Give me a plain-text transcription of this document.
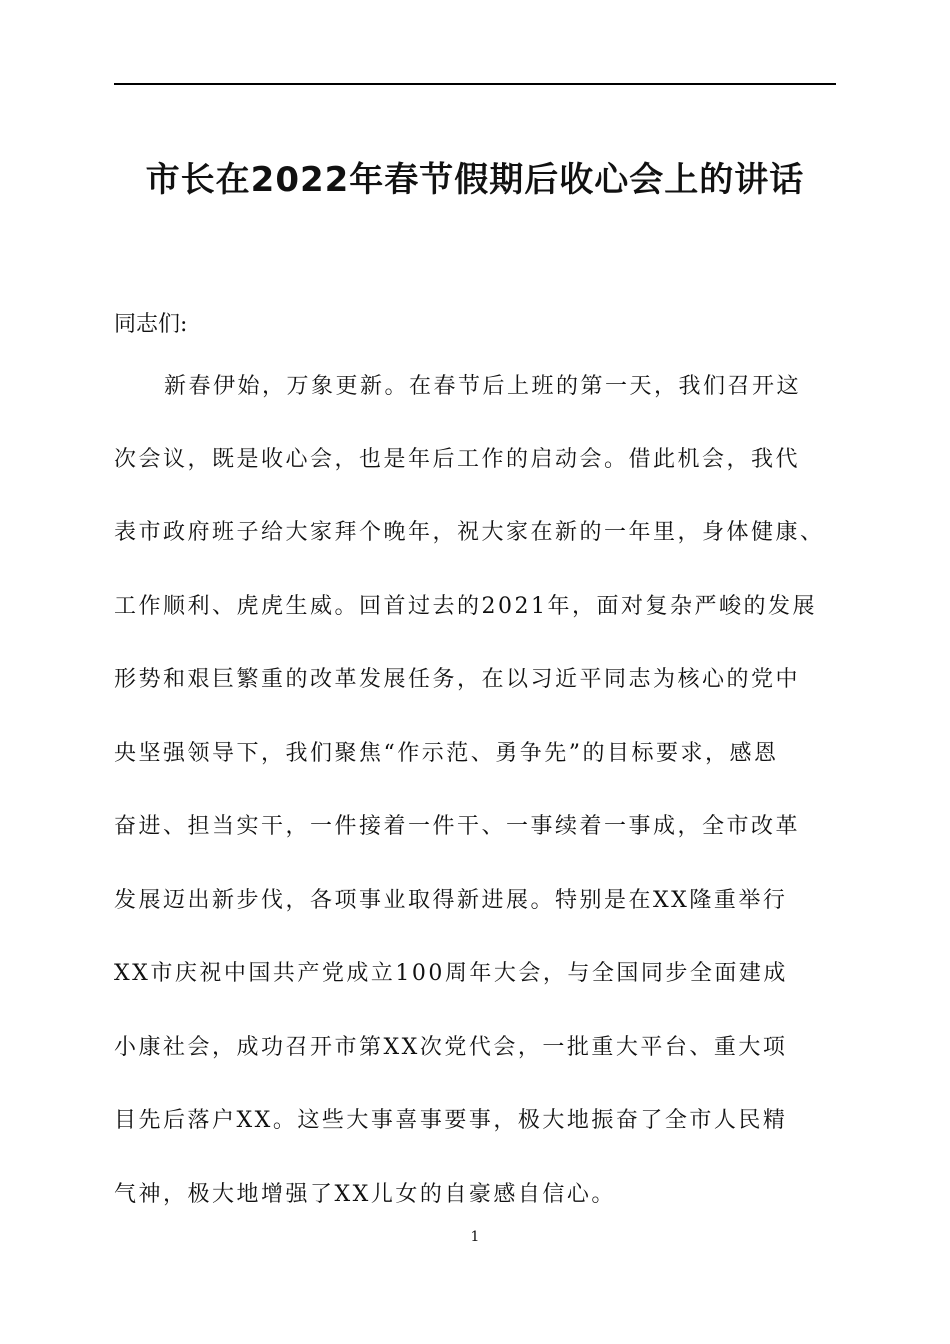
市长在2022年春节假期后收心会上的讲话
同志们:
新春伊始，万象更新。在春节后上班的第一天，我们召开这
次会议，既是收心会，也是年后工作的启动会。借此机会，我代
表市政府班子给大家拜个晚年，祝大家在新的一年里，身体健康、
工作顺利、虎虎生威。回首过去的2021年，面对复杂严峻的发展
形势和艰巨繁重的改革发展任务，在以习近平同志为核心的党中
央坚强领导下，我们聚焦“作示范、勇争先”的目标要求，感恩
奋进、担当实干，一件接着一件干、一事续着一事成，全市改革
发展迈出新步伐，各项事业取得新进展。特别是在XX隆重举行
XX市庆祝中国共产党成立100周年大会，与全国同步全面建成
小康社会，成功召开市第XX次党代会，一批重大平台、重大项
目先后落户XX。这些大事喜事要事，极大地振奋了全市人民精
气神，极大地增强了XX儿女的自豪感自信心。
1
